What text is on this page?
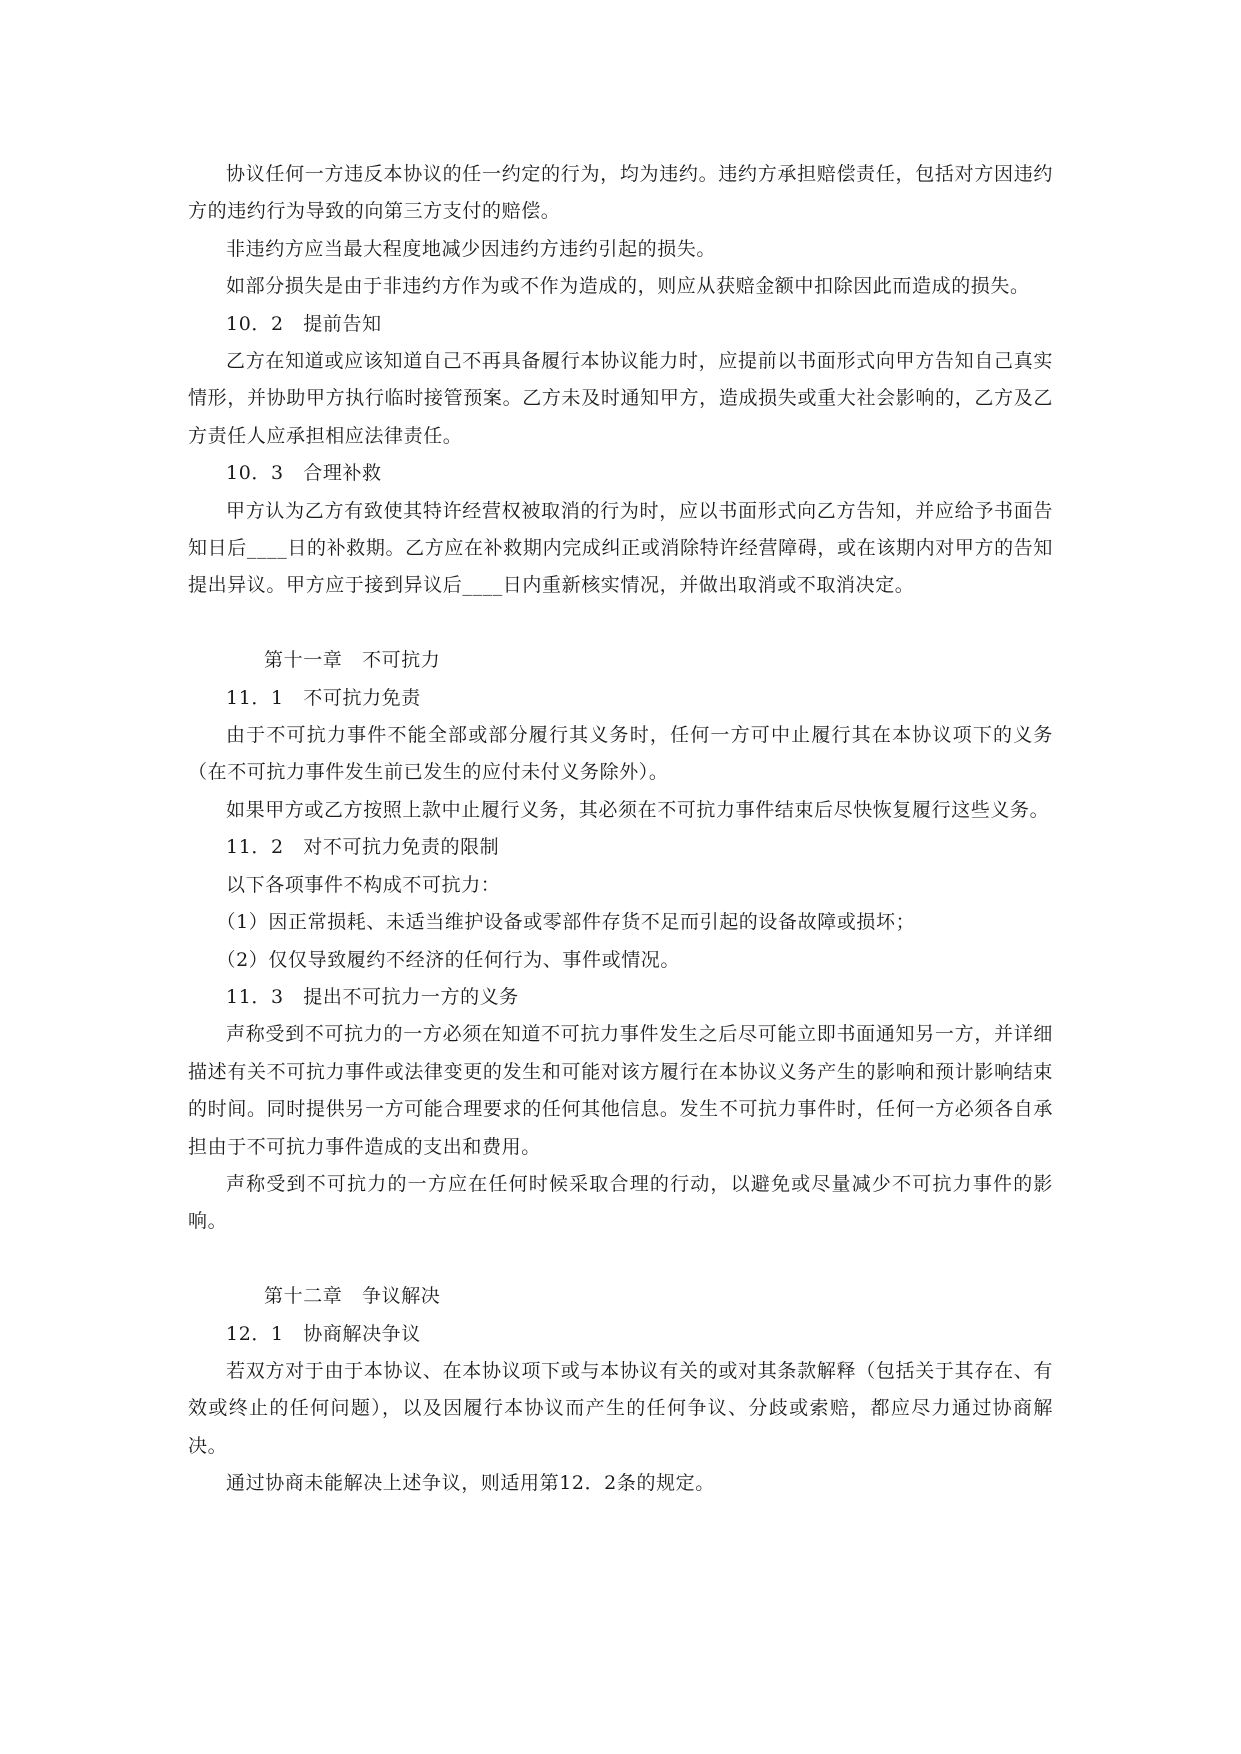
协议任何一方违反本协议的任一约定的行为，均为违约。违约方承担赔偿责任，包括对方因违约方的违约行为导致的向第三方支付的赔偿。

非违约方应当最大程度地减少因违约方违约引起的损失。

如部分损失是由于非违约方作为或不作为造成的，则应从获赔金额中扣除因此而造成的损失。

10．2　提前告知

乙方在知道或应该知道自己不再具备履行本协议能力时，应提前以书面形式向甲方告知自己真实情形，并协助甲方执行临时接管预案。乙方未及时通知甲方，造成损失或重大社会影响的，乙方及乙方责任人应承担相应法律责任。

10．3　合理补救

甲方认为乙方有致使其特许经营权被取消的行为时，应以书面形式向乙方告知，并应给予书面告知日后____日的补救期。乙方应在补救期内完成纠正或消除特许经营障碍，或在该期内对甲方的告知提出异议。甲方应于接到异议后____日内重新核实情况，并做出取消或不取消决定。

第十一章　不可抗力

11．1　不可抗力免责

由于不可抗力事件不能全部或部分履行其义务时，任何一方可中止履行其在本协议项下的义务（在不可抗力事件发生前已发生的应付未付义务除外）。

如果甲方或乙方按照上款中止履行义务，其必须在不可抗力事件结束后尽快恢复履行这些义务。

11．2　对不可抗力免责的限制

以下各项事件不构成不可抗力：

（1）因正常损耗、未适当维护设备或零部件存货不足而引起的设备故障或损坏；

（2）仅仅导致履约不经济的任何行为、事件或情况。

11．3　提出不可抗力一方的义务

声称受到不可抗力的一方必须在知道不可抗力事件发生之后尽可能立即书面通知另一方，并详细描述有关不可抗力事件或法律变更的发生和可能对该方履行在本协议义务产生的影响和预计影响结束的时间。同时提供另一方可能合理要求的任何其他信息。发生不可抗力事件时，任何一方必须各自承担由于不可抗力事件造成的支出和费用。

声称受到不可抗力的一方应在任何时候采取合理的行动，以避免或尽量减少不可抗力事件的影响。

第十二章　争议解决

12．1　协商解决争议

若双方对于由于本协议、在本协议项下或与本协议有关的或对其条款解释（包括关于其存在、有效或终止的任何问题），以及因履行本协议而产生的任何争议、分歧或索赔，都应尽力通过协商解决。

通过协商未能解决上述争议，则适用第12．2条的规定。
